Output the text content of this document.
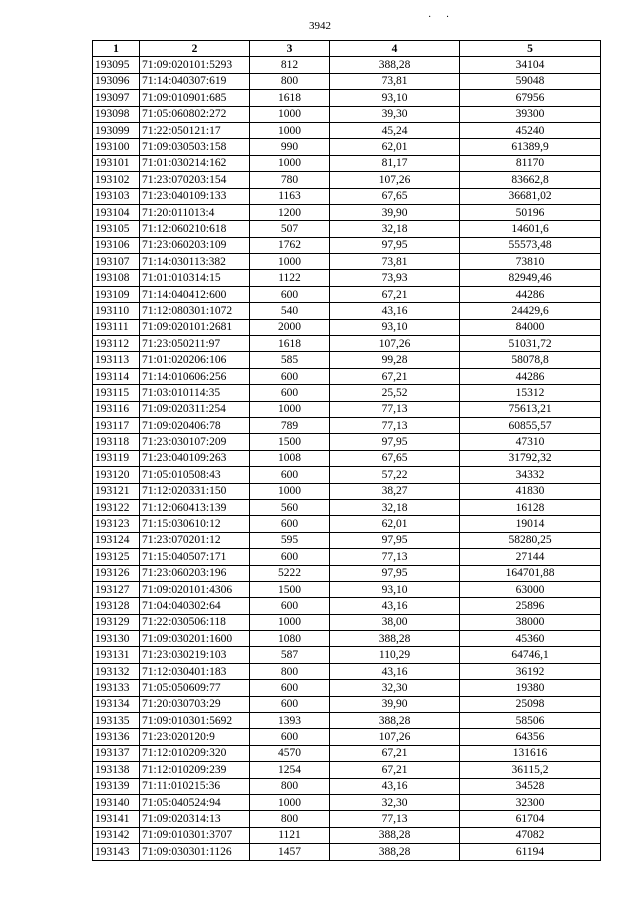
3942
· ·
1	2	3	4	5
193095	71:09:020101:5293	812	388,28	34104
193096	71:14:040307:619	800	73,81	59048
193097	71:09:010901:685	1618	93,10	67956
193098	71:05:060802:272	1000	39,30	39300
193099	71:22:050121:17	1000	45,24	45240
193100	71:09:030503:158	990	62,01	61389,9
193101	71:01:030214:162	1000	81,17	81170
193102	71:23:070203:154	780	107,26	83662,8
193103	71:23:040109:133	1163	67,65	36681,02
193104	71:20:011013:4	1200	39,90	50196
193105	71:12:060210:618	507	32,18	14601,6
193106	71:23:060203:109	1762	97,95	55573,48
193107	71:14:030113:382	1000	73,81	73810
193108	71:01:010314:15	1122	73,93	82949,46
193109	71:14:040412:600	600	67,21	44286
193110	71:12:080301:1072	540	43,16	24429,6
193111	71:09:020101:2681	2000	93,10	84000
193112	71:23:050211:97	1618	107,26	51031,72
193113	71:01:020206:106	585	99,28	58078,8
193114	71:14:010606:256	600	67,21	44286
193115	71:03:010114:35	600	25,52	15312
193116	71:09:020311:254	1000	77,13	75613,21
193117	71:09:020406:78	789	77,13	60855,57
193118	71:23:030107:209	1500	97,95	47310
193119	71:23:040109:263	1008	67,65	31792,32
193120	71:05:010508:43	600	57,22	34332
193121	71:12:020331:150	1000	38,27	41830
193122	71:12:060413:139	560	32,18	16128
193123	71:15:030610:12	600	62,01	19014
193124	71:23:070201:12	595	97,95	58280,25
193125	71:15:040507:171	600	77,13	27144
193126	71:23:060203:196	5222	97,95	164701,88
193127	71:09:020101:4306	1500	93,10	63000
193128	71:04:040302:64	600	43,16	25896
193129	71:22:030506:118	1000	38,00	38000
193130	71:09:030201:1600	1080	388,28	45360
193131	71:23:030219:103	587	110,29	64746,1
193132	71:12:030401:183	800	43,16	36192
193133	71:05:050609:77	600	32,30	19380
193134	71:20:030703:29	600	39,90	25098
193135	71:09:010301:5692	1393	388,28	58506
193136	71:23:020120:9	600	107,26	64356
193137	71:12:010209:320	4570	67,21	131616
193138	71:12:010209:239	1254	67,21	36115,2
193139	71:11:010215:36	800	43,16	34528
193140	71:05:040524:94	1000	32,30	32300
193141	71:09:020314:13	800	77,13	61704
193142	71:09:010301:3707	1121	388,28	47082
193143	71:09:030301:1126	1457	388,28	61194
